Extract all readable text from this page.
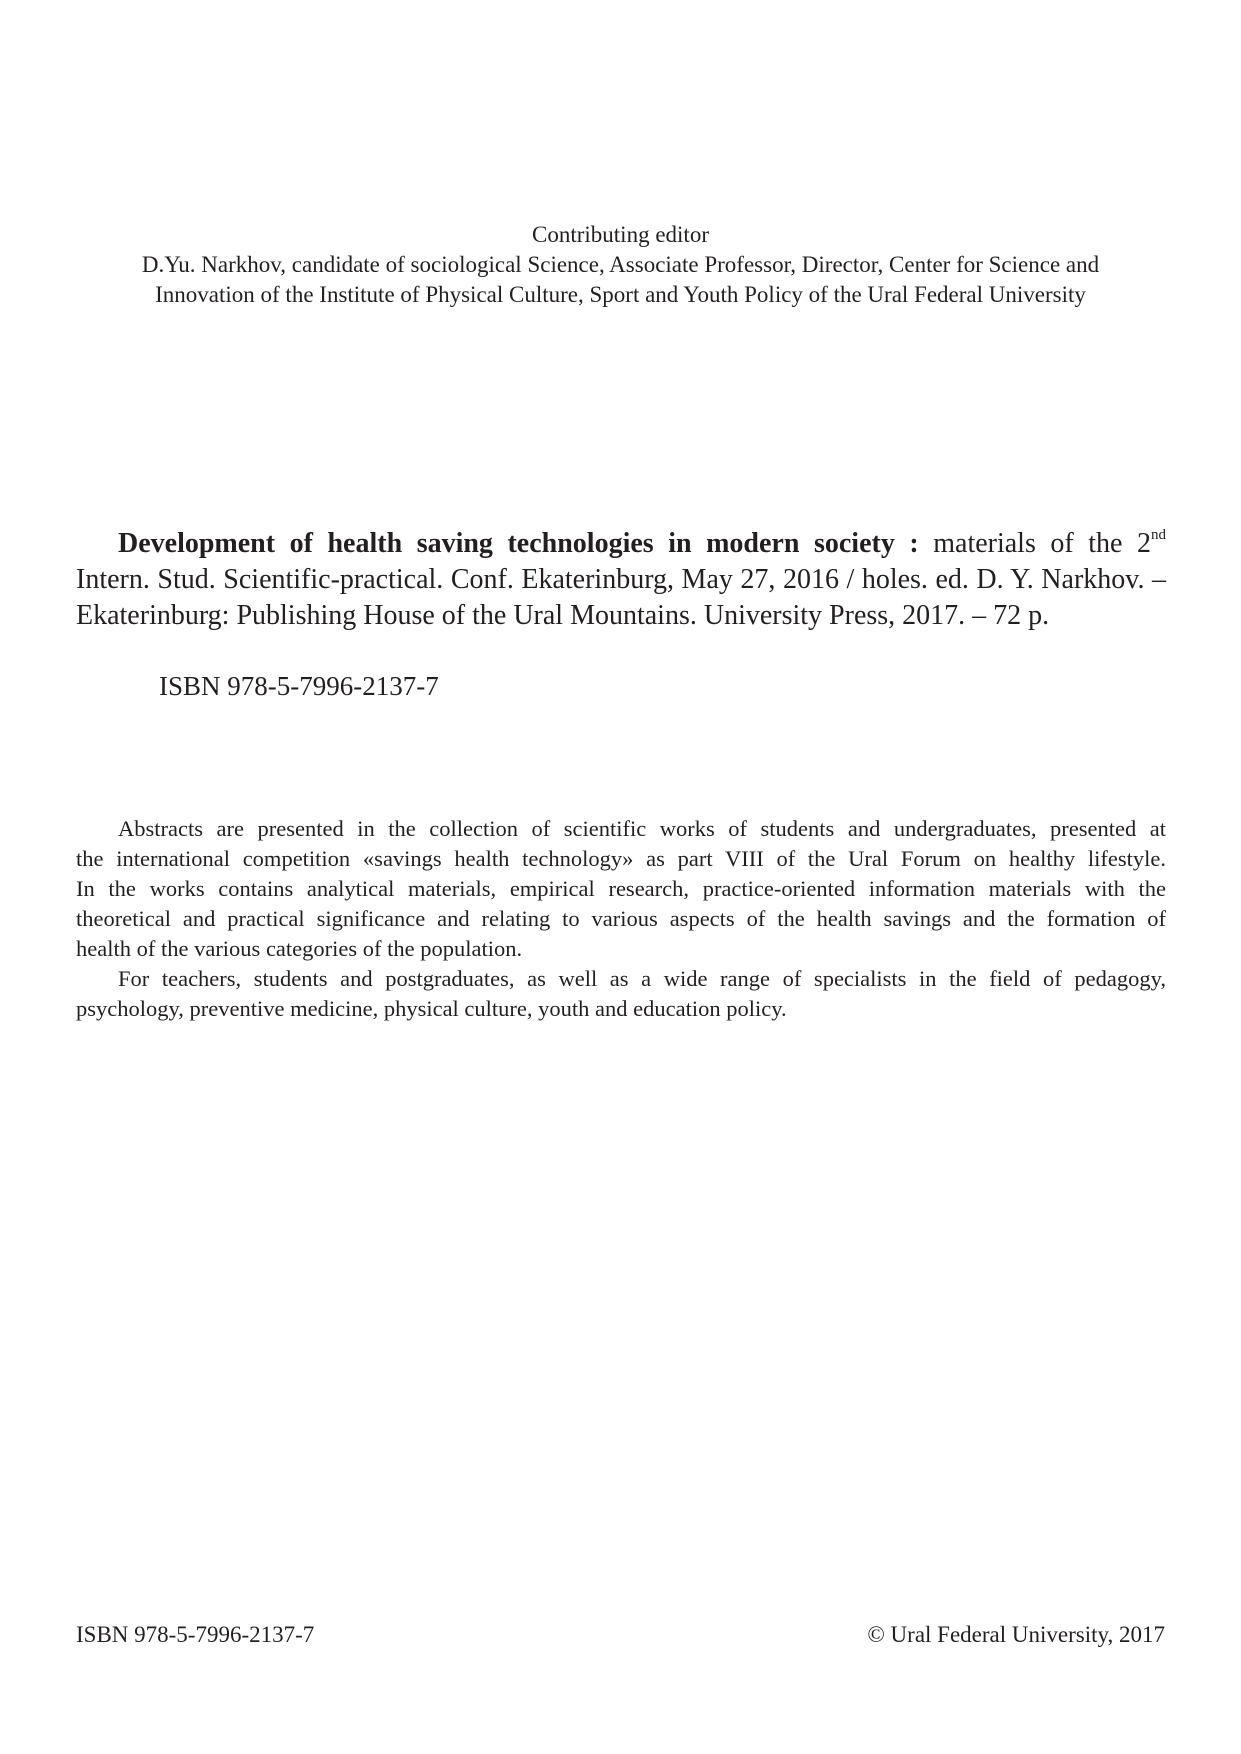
Contributing editor
D.Yu. Narkhov, candidate of sociological Science, Associate Professor, Director, Center for Science and
Innovation of the Institute of Physical Culture, Sport and Youth Policy of the Ural Federal University
Development of health saving technologies in modern society : materials of the 2nd
Intern. Stud. Scientific-practical. Conf. Ekaterinburg, May 27, 2016 / holes. ed. D. Y. Narkhov. –
Ekaterinburg: Publishing House of the Ural Mountains. University Press, 2017. – 72 p.
ISBN 978-5-7996-2137-7
Abstracts are presented in the collection of scientific works of students and undergraduates, presented at
the international competition «savings health technology» as part VIII of the Ural Forum on healthy lifestyle.
In the works contains analytical materials, empirical research, practice-oriented information materials with the
theoretical and practical significance and relating to various aspects of the health savings and the formation of
health of the various categories of the population.
For teachers, students and postgraduates, as well as a wide range of specialists in the field of pedagogy,
psychology, preventive medicine, physical culture, youth and education policy.
ISBN 978-5-7996-2137-7	© Ural Federal University, 2017
